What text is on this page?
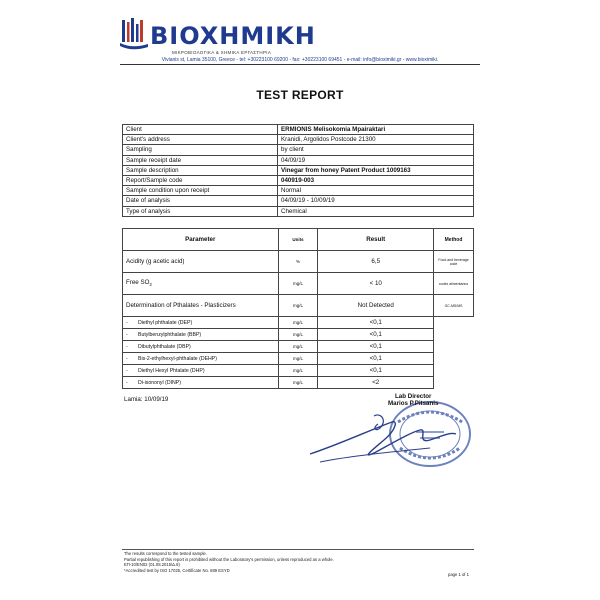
BIOXHMIKH
ΜΙΚΡΟΒΙΟΛΟΓΙΚΑ & ΧΗΜΙΚΑ ΕΡΓΑΣΤΗΡΙΑ
Vivianis st, Lamia 35100, Greece - tel: +30223100 69200 - fax: +30223100 69451 - e-mail: info@bioximiki.gr - www.bioximiki.
TEST REPORT
Client	ERMIONIS Melisokomia Mpairaktari
Client's address	Kranidi, Argolidos Postcode 21300
Sampling	by client
Sample receipt date	04/09/19
Sample description	Vinegar from honey Patent Product 1009163
Report/Sample code	040919-003
Sample condition upon receipt	Normal
Date of analysis	04/09/19 - 10/09/19
Type of analysis	Chemical
Parameter	Units	Result	Method
Acidity (g acetic acid)	%	6,5	Food and beverage code
Free $SO_2$	mg/L	< 10	codex alimentarius
Determination of Pthalates - Plasticizers	mg/L	Not Detected	GC-MS/MS
- Diethyl phthalate (DEP)	mg/L	<0,1	
- Butylbenzylphthalate (BBP)	mg/L	<0,1	
- Dibutylphthalate (DBP)	mg/L	<0,1	
- Bis-2-ethylhexyl-phthalate (DEHP)	mg/L	<0,1	
- Diethyl Hexyl Phtalate (DHP)	mg/L	<0,1	
- Di-isononyl (DINP)	mg/L	<2	
Lamia: 10/09/19	Lab Director
Marios P.Pitsanis
The results correspond to the tested sample.
Partial republishing of this report is prohibited without the Laboratory's permission, unless reproduced as a whole.
ΕΠ-10/ΕΝ02 (01.08.2015/Δ.8)
*Accredited test by ISO 17025, Certificate No. 689 ESYD
page 1 of 1
